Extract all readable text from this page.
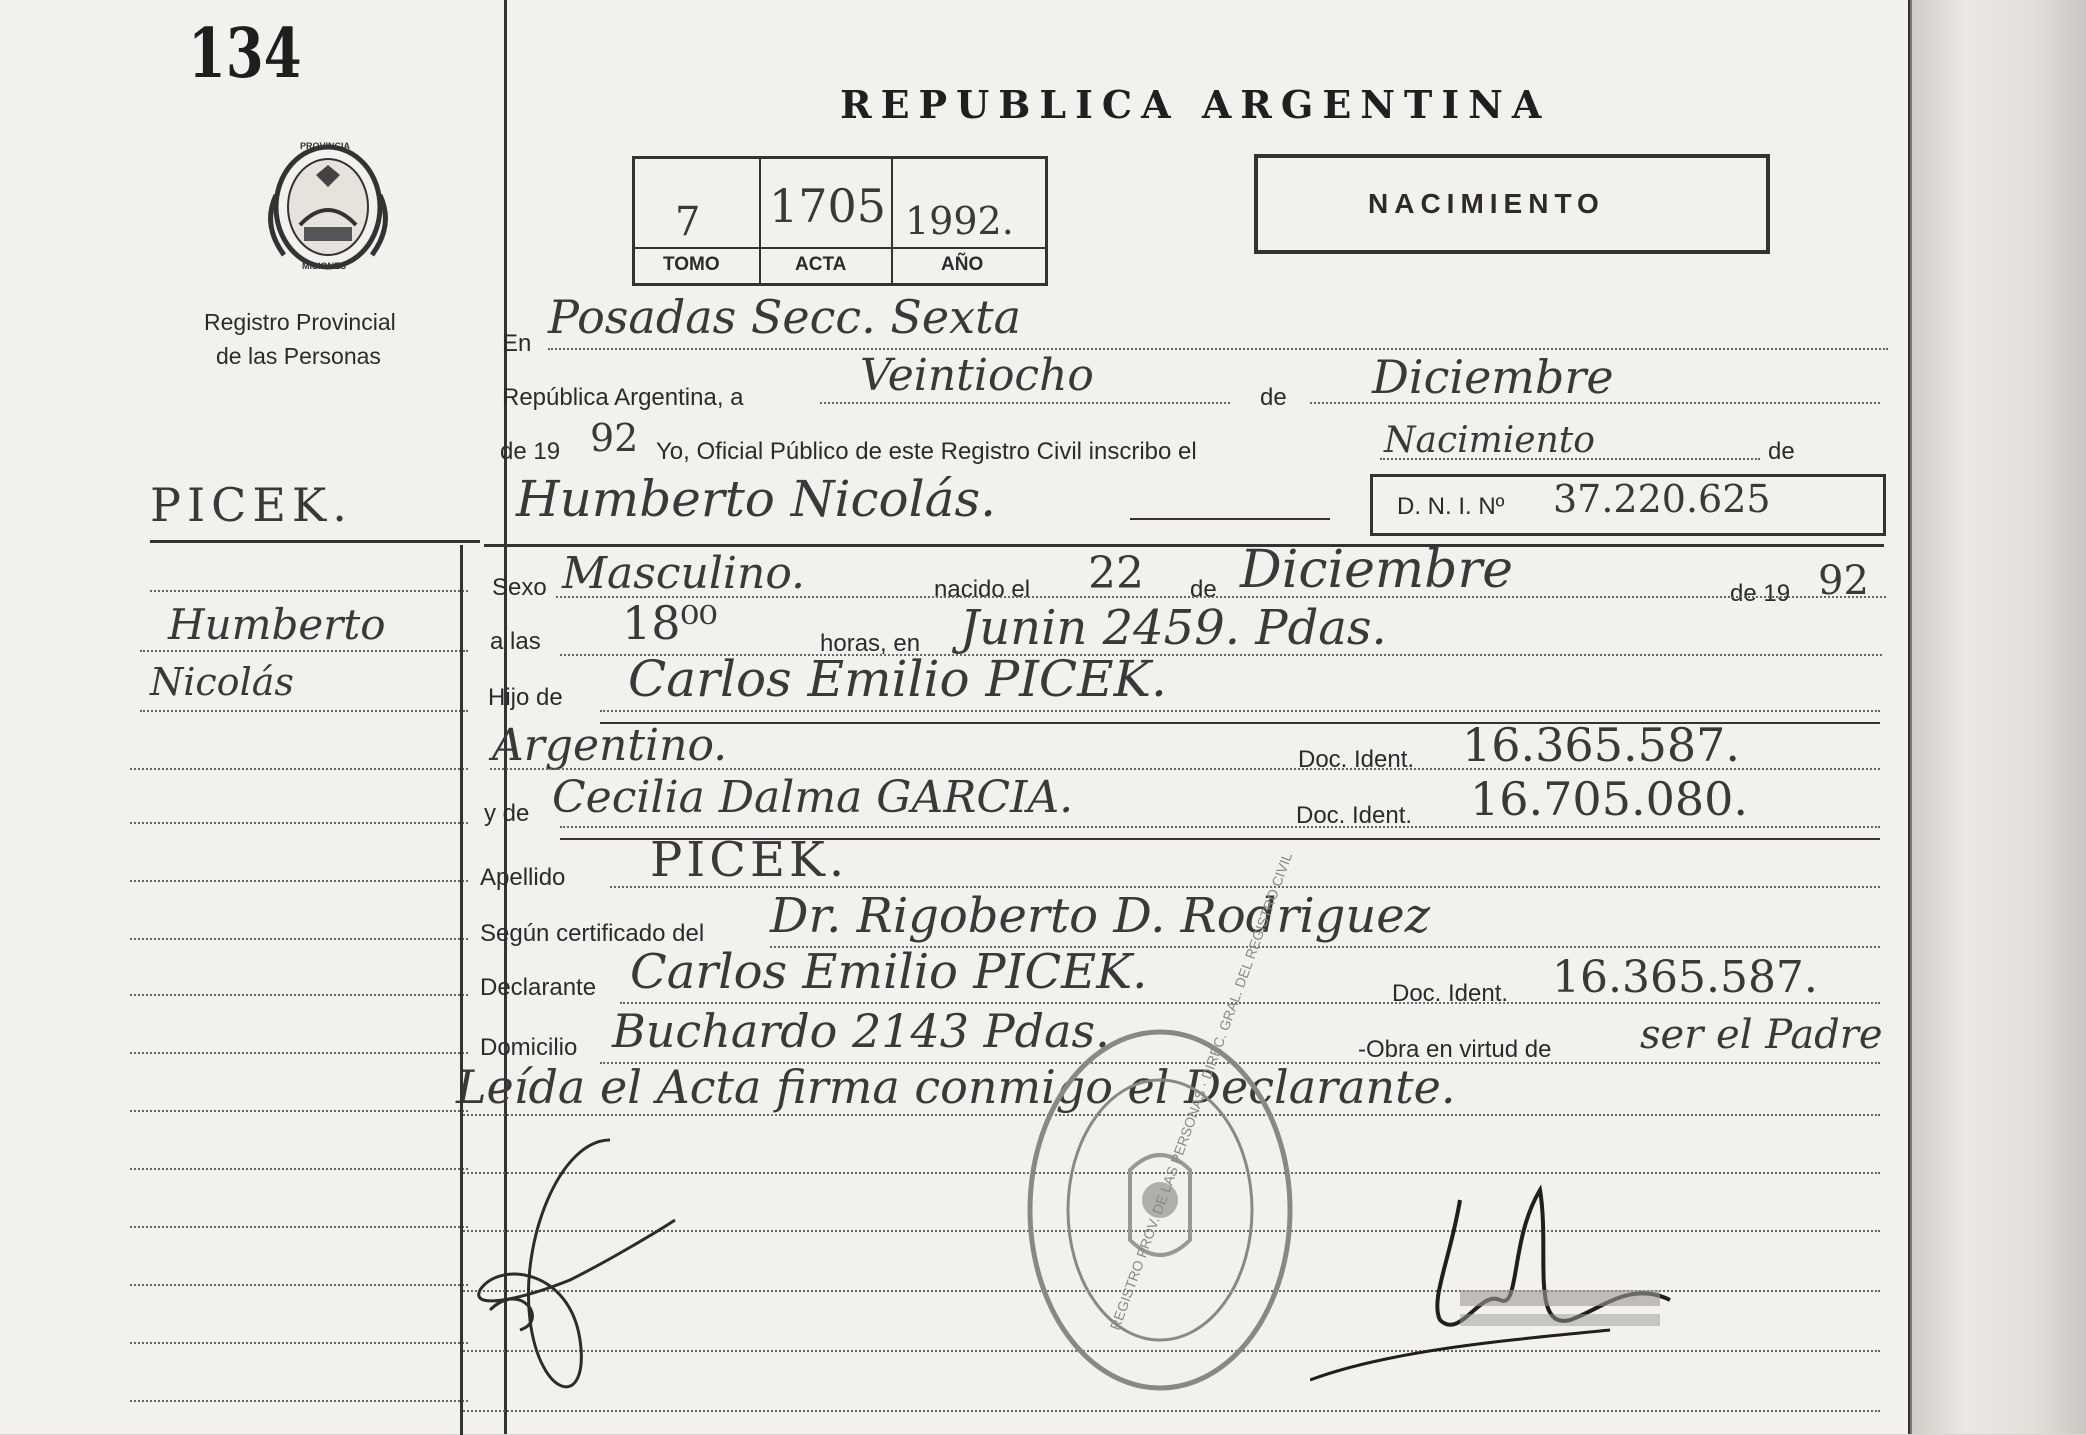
134
PROVINCIA
MISIONES
Registro Provincial
de las Personas
PICEK.
Humberto
Nicolás
REPUBLICA ARGENTINA
7 1705 1992.
TOMO	ACTA	AÑO
NACIMIENTO
En Posadas Secc. Sexta
República Argentina, a	Veintiocho	de Diciembre
de 19 92 Yo, Oficial Público de este Registro Civil inscribo el	Nacimiento	de
Humberto Nicolás.	D. N. I. Nº 37.220.625
Sexo Masculino.	nacido el 22 de Diciembre	de 19 92
a las 18⁰⁰	horas, en Junin 2459. Pdas.
Hijo de Carlos Emilio PICEK.
Argentino.	Doc. Ident. 16.365.587.
y de Cecilia Dalma GARCIA.	Doc. Ident. 16.705.080.
Apellido PICEK.
Según certificado del Dr. Rigoberto D. Rodriguez
Declarante Carlos Emilio PICEK.	Doc. Ident. 16.365.587.
Domicilio Buchardo 2143 Pdas.	-Obra en virtud de ser el Padre
Leída el Acta firma conmigo el Declarante.
REGISTRO PROV. DE LAS PERSONAS · DIREC. GRAL. DEL REGISTRO CIVIL
